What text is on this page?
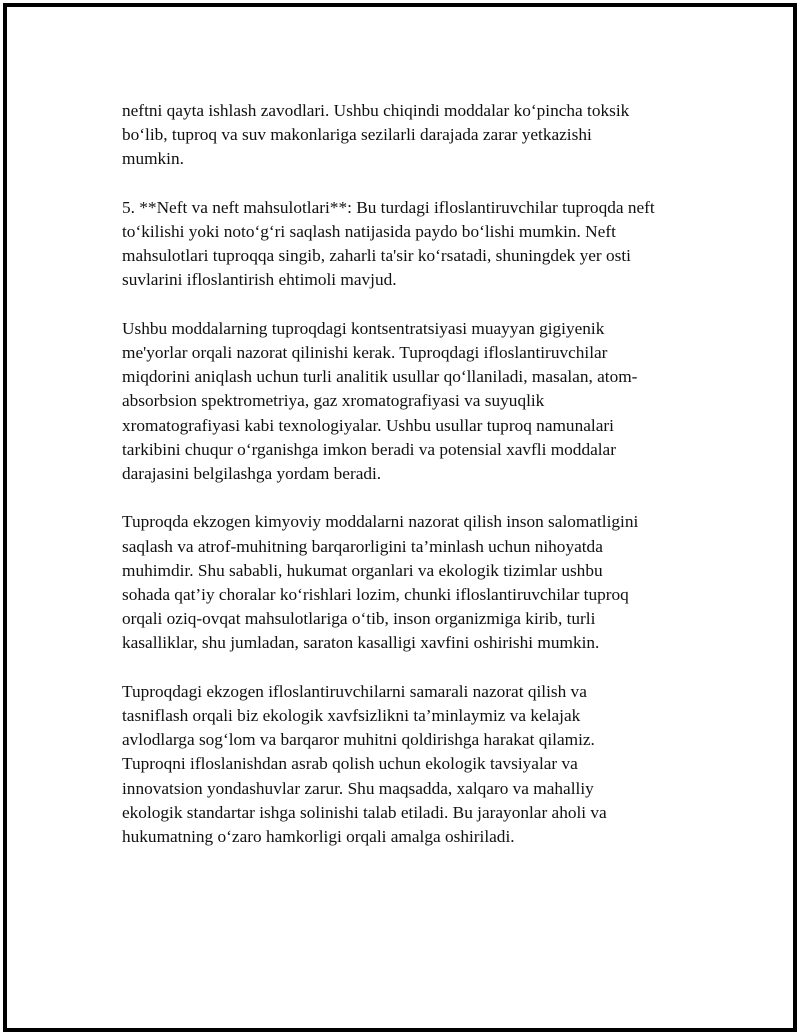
neftni qayta ishlash zavodlari. Ushbu chiqindi moddalar ko‘pincha toksik
bo‘lib, tuproq va suv makonlariga sezilarli darajada zarar yetkazishi
mumkin.

5. **Neft va neft mahsulotlari**: Bu turdagi ifloslantiruvchilar tuproqda neft
to‘kilishi yoki noto‘g‘ri saqlash natijasida paydo bo‘lishi mumkin. Neft
mahsulotlari tuproqqa singib, zaharli ta'sir ko‘rsatadi, shuningdek yer osti
suvlarini ifloslantirish ehtimoli mavjud.

Ushbu moddalarning tuproqdagi kontsentratsiyasi muayyan gigiyenik
me'yorlar orqali nazorat qilinishi kerak. Tuproqdagi ifloslantiruvchilar
miqdorini aniqlash uchun turli analitik usullar qo‘llaniladi, masalan, atom-
absorbsion spektrometriya, gaz xromatografiyasi va suyuqlik
xromatografiyasi kabi texnologiyalar. Ushbu usullar tuproq namunalari
tarkibini chuqur o‘rganishga imkon beradi va potensial xavfli moddalar
darajasini belgilashga yordam beradi.

Tuproqda ekzogen kimyoviy moddalarni nazorat qilish inson salomatligini
saqlash va atrof-muhitning barqarorligini ta’minlash uchun nihoyatda
muhimdir. Shu sababli, hukumat organlari va ekologik tizimlar ushbu
sohada qat’iy choralar ko‘rishlari lozim, chunki ifloslantiruvchilar tuproq
orqali oziq-ovqat mahsulotlariga o‘tib, inson organizmiga kirib, turli
kasalliklar, shu jumladan, saraton kasalligi xavfini oshirishi mumkin.

Tuproqdagi ekzogen ifloslantiruvchilarni samarali nazorat qilish va
tasniflash orqali biz ekologik xavfsizlikni ta’minlaymiz va kelajak
avlodlarga sog‘lom va barqaror muhitni qoldirishga harakat qilamiz.
Tuproqni ifloslanishdan asrab qolish uchun ekologik tavsiyalar va
innovatsion yondashuvlar zarur. Shu maqsadda, xalqaro va mahalliy
ekologik standartar ishga solinishi talab etiladi. Bu jarayonlar aholi va
hukumatning o‘zaro hamkorligi orqali amalga oshiriladi.
